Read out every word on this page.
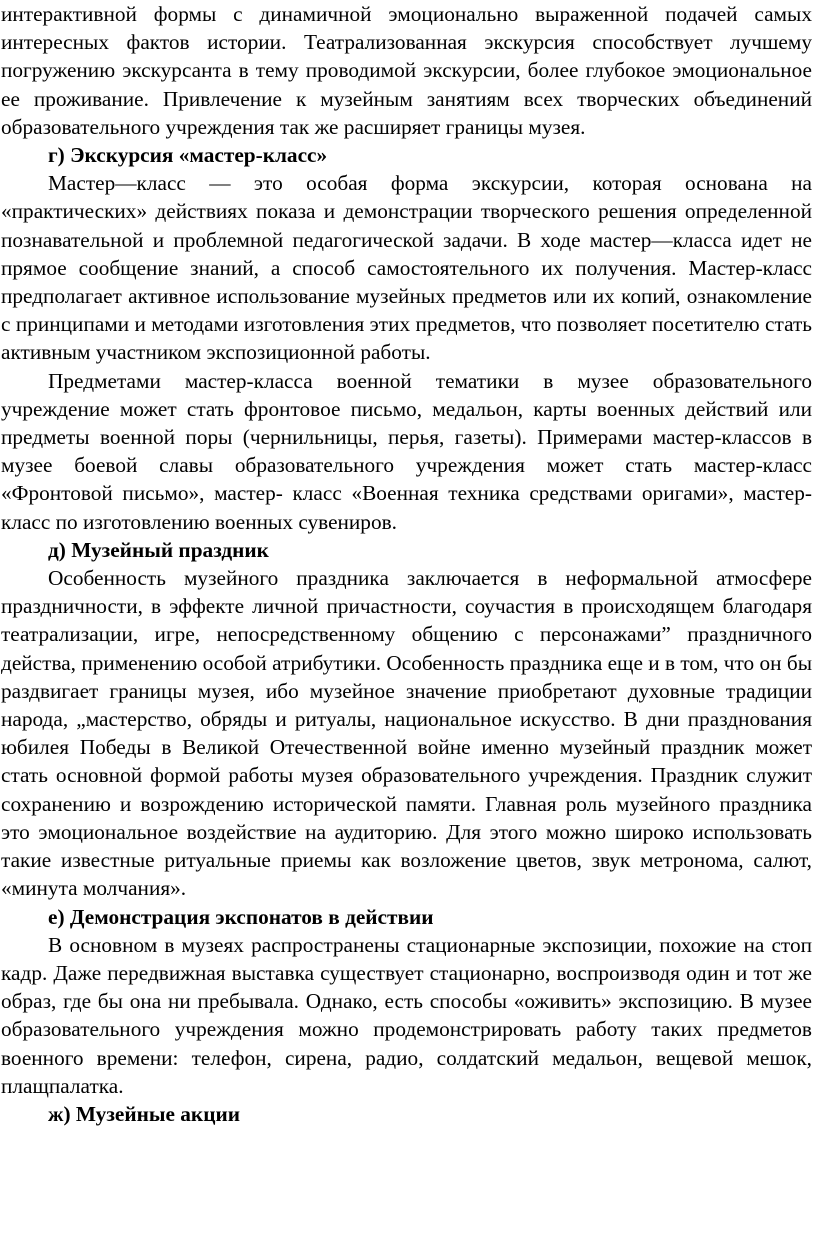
интерактивной формы с динамичной эмоционально выраженной подачей самых интересных фактов истории. Театрализованная экскурсия способствует лучшему погружению экскурсанта в тему проводимой экскурсии, более глубокое эмоциональное ее проживание. Привлечение к музейным занятиям всех творческих объединений образовательного учреждения так же расширяет границы музея.

г) Экскурсия «мастер-класс»

Мастер—класс — это особая форма экскурсии, которая основана на «практических» действиях показа и демонстрации творческого решения определенной познавательной и проблемной педагогической задачи. В ходе мастер—класса идет не прямое сообщение знаний, а способ самостоятельного их получения. Мастер-класс предполагает активное использование музейных предметов или их копий, ознакомление с принципами и методами изготовления этих предметов, что позволяет посетителю стать активным участником экспозиционной работы.

Предметами мастер-класса военной тематики в музее образовательного учреждение может стать фронтовое письмо, медальон, карты военных действий или предметы военной поры (чернильницы, перья, газеты). Примерами мастер-классов в музее боевой славы образовательного учреждения может стать мастер-класс «Фронтовой письмо», мастер- класс «Военная техника средствами оригами», мастер-класс по изготовлению военных сувениров.

д) Музейный праздник

Особенность музейного праздника заключается в неформальной атмосфере праздничности, в эффекте личной причастности, соучастия в происходящем благодаря театрализации, игре, непосредственному общению с персонажами” праздничного действа, применению особой атрибутики. Особенность праздника еще и в том, что он бы раздвигает границы музея, ибо музейное значение приобретают духовные традиции народа, „мастерство, обряды и ритуалы, национальное искусство. В дни празднования юбилея Победы в Великой Отечественной войне именно музейный праздник может стать основной формой работы музея образовательного учреждения. Праздник служит сохранению и возрождению исторической памяти. Главная роль музейного праздника это эмоциональное воздействие на аудиторию. Для этого можно широко использовать такие известные ритуальные приемы как возложение цветов, звук метронома, салют, «минута молчания».

е) Демонстрация экспонатов в действии

В основном в музеях распространены стационарные экспозиции, похожие на стоп кадр. Даже передвижная выставка существует стационарно, воспроизводя один и тот же образ, где бы она ни пребывала. Однако, есть способы «оживить» экспозицию. В музее образовательного учреждения можно продемонстрировать работу таких предметов военного времени: телефон, сирена, радио, солдатский медальон, вещевой мешок, плащпалатка.

ж) Музейные акции
